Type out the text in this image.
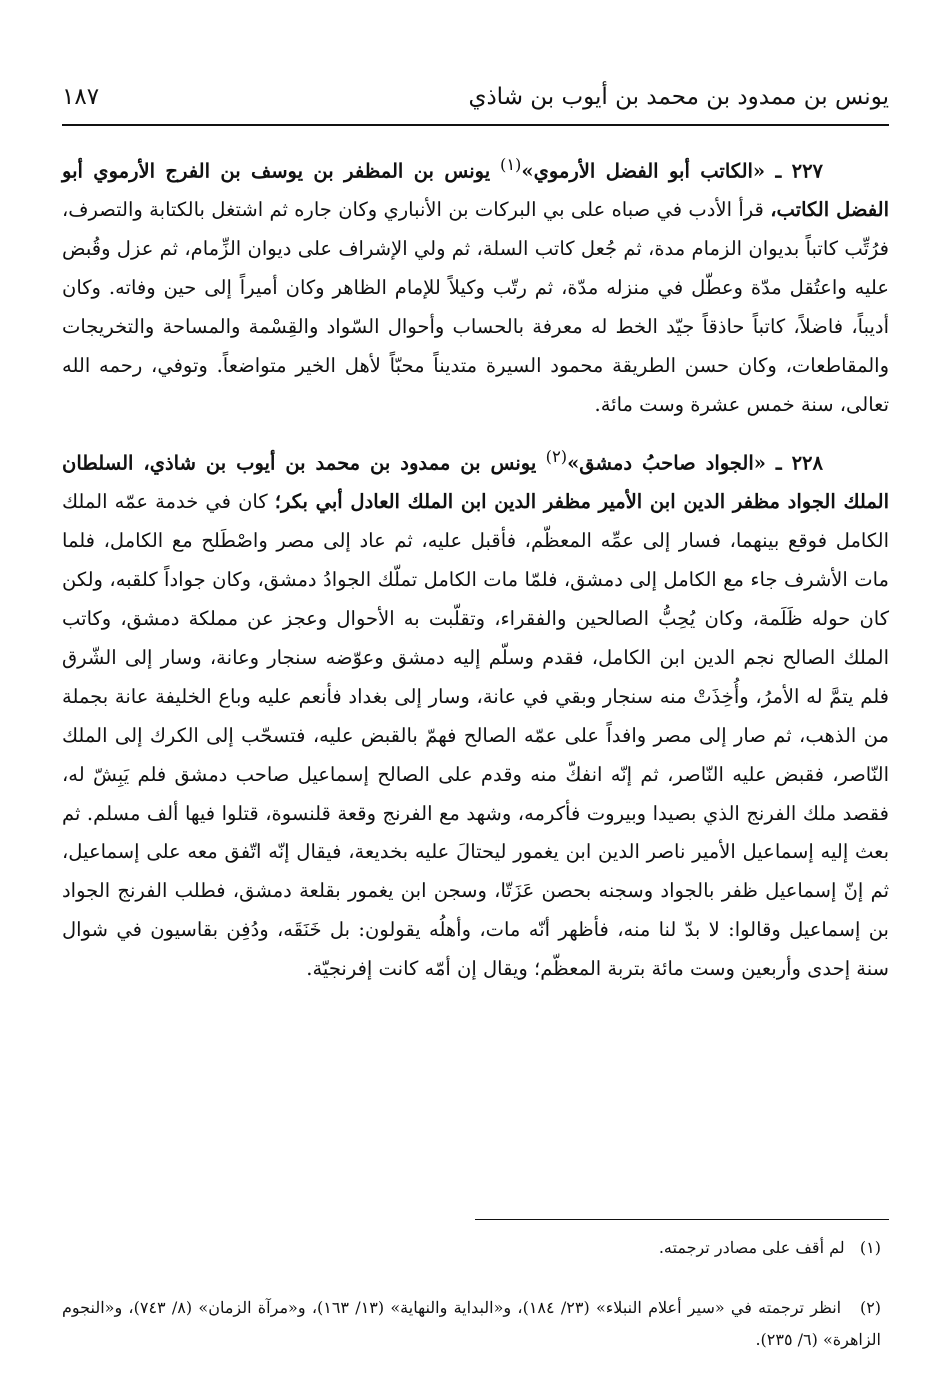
يونس بن ممدود بن محمد بن أيوب بن شاذي
١٨٧

٢٢٧ ـ «الكاتب أبو الفضل الأرموي»$^{(١)}$ يونس بن المظفر بن يوسف بن الفرج الأرموي أبو الفضل الكاتب، قرأ الأدب في صباه على بي البركات بن الأنباري وكان جاره ثم اشتغل بالكتابة والتصرف، فرُتِّب كاتباً بديوان الزمام مدة، ثم جُعل كاتب السلة، ثم ولي الإشراف على ديوان الزِّمام، ثم عزل وقُبض عليه واعتُقل مدّة وعطّل في منزله مدّة، ثم رتّب وكيلاً للإمام الظاهر وكان أميراً إلى حين وفاته. وكان أديباً، فاضلاً، كاتباً حاذقاً جيّد الخط له معرفة بالحساب وأحوال السّواد والقِسْمة والمساحة والتخريجات والمقاطعات، وكان حسن الطريقة محمود السيرة متديناً محبّاً لأهل الخير متواضعاً. وتوفي، رحمه الله تعالى، سنة خمس عشرة وست مائة.

٢٢٨ ـ «الجواد صاحبُ دمشق»$^{(٢)}$ يونس بن ممدود بن محمد بن أيوب بن شاذي، السلطان الملك الجواد مظفر الدين ابن الأمير مظفر الدين ابن الملك العادل أبي بكر؛ كان في خدمة عمّه الملك الكامل فوقع بينهما، فسار إلى عمِّه المعظّم، فأقبل عليه، ثم عاد إلى مصر واصْطَلح مع الكامل، فلما مات الأشرف جاء مع الكامل إلى دمشق، فلمّا مات الكامل تملّك الجوادُ دمشق، وكان جواداً كلقبه، ولكن كان حوله ظَلَمة، وكان يُحِبُّ الصالحين والفقراء، وتقلّبت به الأحوال وعجز عن مملكة دمشق، وكاتب الملك الصالح نجم الدين ابن الكامل، فقدم وسلّم إليه دمشق وعوّضه سنجار وعانة، وسار إلى الشّرق فلم يتمَّ له الأمرُ، وأُخِذَتْ منه سنجار وبقي في عانة، وسار إلى بغداد فأنعم عليه وباع الخليفة عانة بجملة من الذهب، ثم صار إلى مصر وافداً على عمّه الصالح فهمّ بالقبض عليه، فتسحّب إلى الكرك إلى الملك النّاصر، فقبض عليه النّاصر، ثم إنّه انفكّ منه وقدم على الصالح إسماعيل صاحب دمشق فلم يَبِشّ له، فقصد ملك الفرنج الذي بصيدا وبيروت فأكرمه، وشهد مع الفرنج وقعة قلنسوة، قتلوا فيها ألف مسلم. ثم بعث إليه إسماعيل الأمير ناصر الدين ابن يغمور ليحتالَ عليه بخديعة، فيقال إنّه اتّفق معه على إسماعيل، ثم إنّ إسماعيل ظفر بالجواد وسجنه بحصن عَزَتّا، وسجن ابن يغمور بقلعة دمشق، فطلب الفرنج الجواد بن إسماعيل وقالوا: لا بدّ لنا منه، فأظهر أنّه مات، وأهلُه يقولون: بل خَنَقَه، ودُفِن بقاسيون في شوال سنة إحدى وأربعين وست مائة بتربة المعظّم؛ ويقال إن أمّه كانت إفرنجيّة.

(١)   لم أقف على مصادر ترجمته.

(٢)   انظر ترجمته في «سير أعلام النبلاء» (٢٣/ ١٨٤)، و«البداية والنهاية» (١٣/ ١٦٣)، و«مرآة الزمان» (٨/ ٧٤٣)، و«النجوم الزاهرة» (٦/ ٢٣٥).
